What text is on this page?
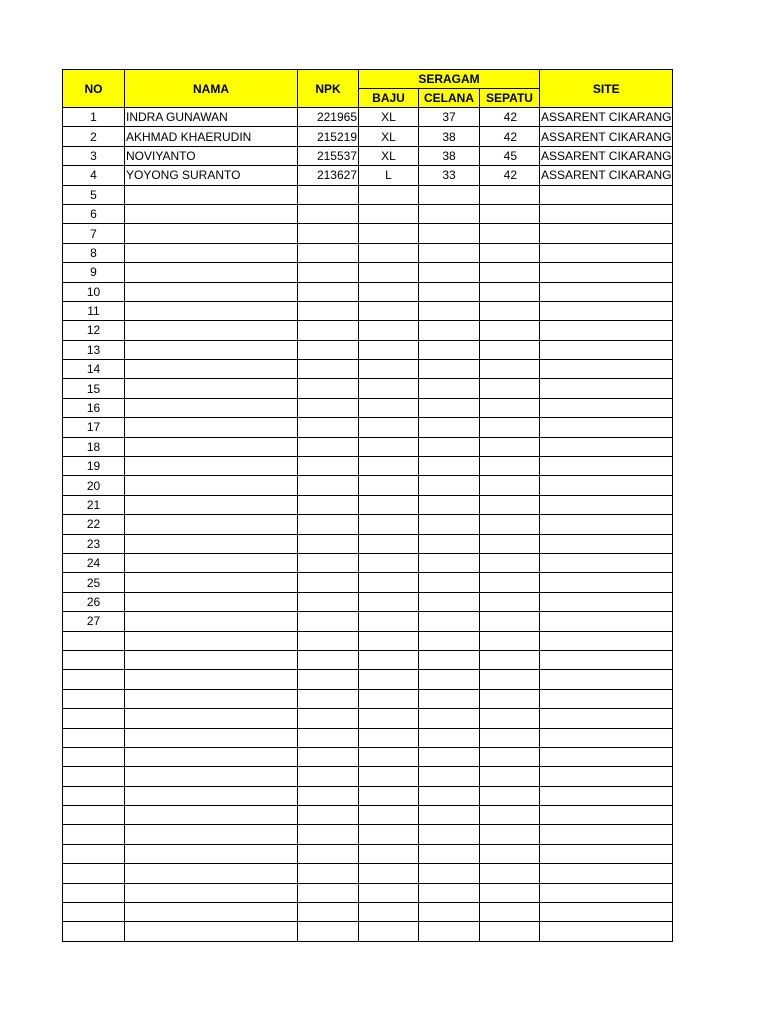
NO	NAMA	NPK	SERAGAM			SITE
			BAJU	CELANA	SEPATU	
1	INDRA GUNAWAN	221965	XL	37	42	ASSARENT CIKARANG
2	AKHMAD KHAERUDIN	215219	XL	38	42	ASSARENT CIKARANG
3	NOVIYANTO	215537	XL	38	45	ASSARENT CIKARANG
4	YOYONG SURANTO	213627	L	33	42	ASSARENT CIKARANG
5						
6						
7						
8						
9						
10						
11						
12						
13						
14						
15						
16						
17						
18						
19						
20						
21						
22						
23						
24						
25						
26						
27						
